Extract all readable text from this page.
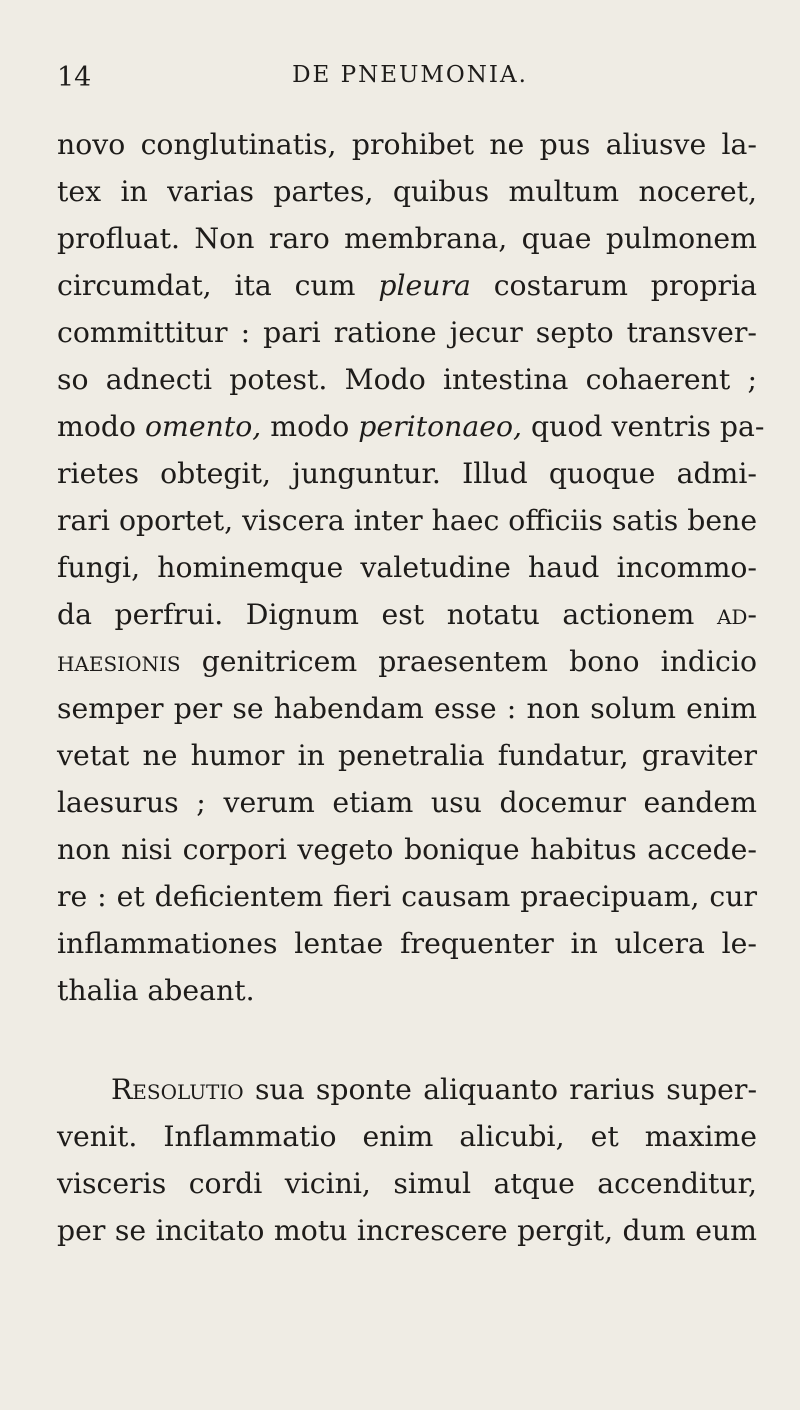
14	DE PNEUMONIA.
novo conglutinatis, prohibet ne pus aliusve la-
tex in varias partes, quibus multum noceret,
profluat. Non raro membrana, quae pulmonem
circumdat, ita cum pleura costarum propria
committitur : pari ratione jecur septo transver-
so adnecti potest. Modo intestina cohaerent ;
modo omento, modo peritonaeo, quod ventris pa-
rietes obtegit, junguntur. Illud quoque admi-
rari oportet, viscera inter haec officiis satis bene
fungi, hominemque valetudine haud incommo-
da perfrui. Dignum est notatu actionem ad-
haesionis genitricem praesentem bono indicio
semper per se habendam esse : non solum enim
vetat ne humor in penetralia fundatur, graviter
laesurus ; verum etiam usu docemur eandem
non nisi corpori vegeto bonique habitus accede-
re : et deficientem fieri causam praecipuam, cur
inflammationes lentae frequenter in ulcera le-
thalia abeant.
Resolutio sua sponte aliquanto rarius super-
venit. Inflammatio enim alicubi, et maxime
visceris cordi vicini, simul atque accenditur,
per se incitato motu increscere pergit, dum eum
